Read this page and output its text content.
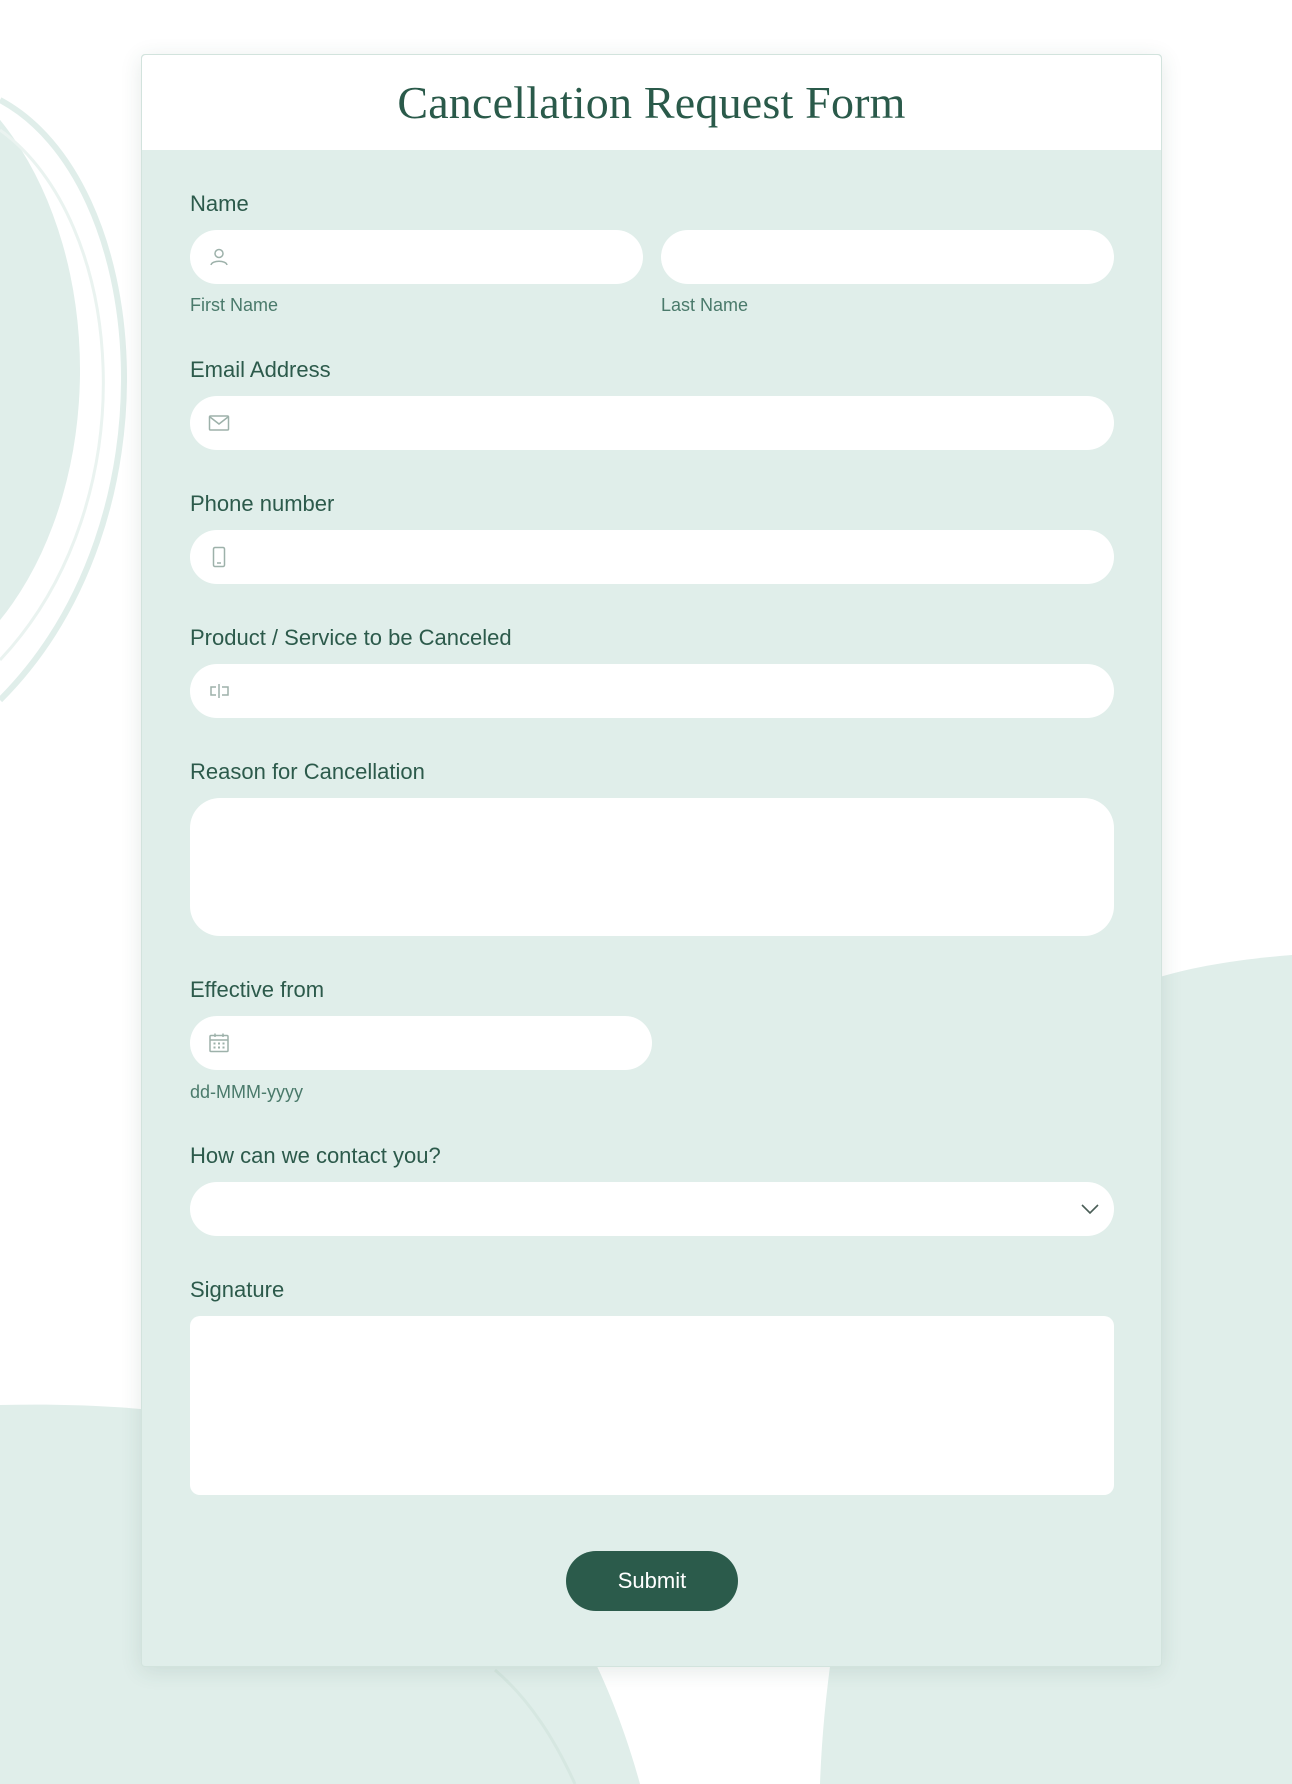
Cancellation Request Form
Name
First Name	Last Name
Email Address
Phone number
Product / Service to be Canceled
Reason for Cancellation
Effective from
dd-MMM-yyyy
How can we contact you?
Signature
Submit
